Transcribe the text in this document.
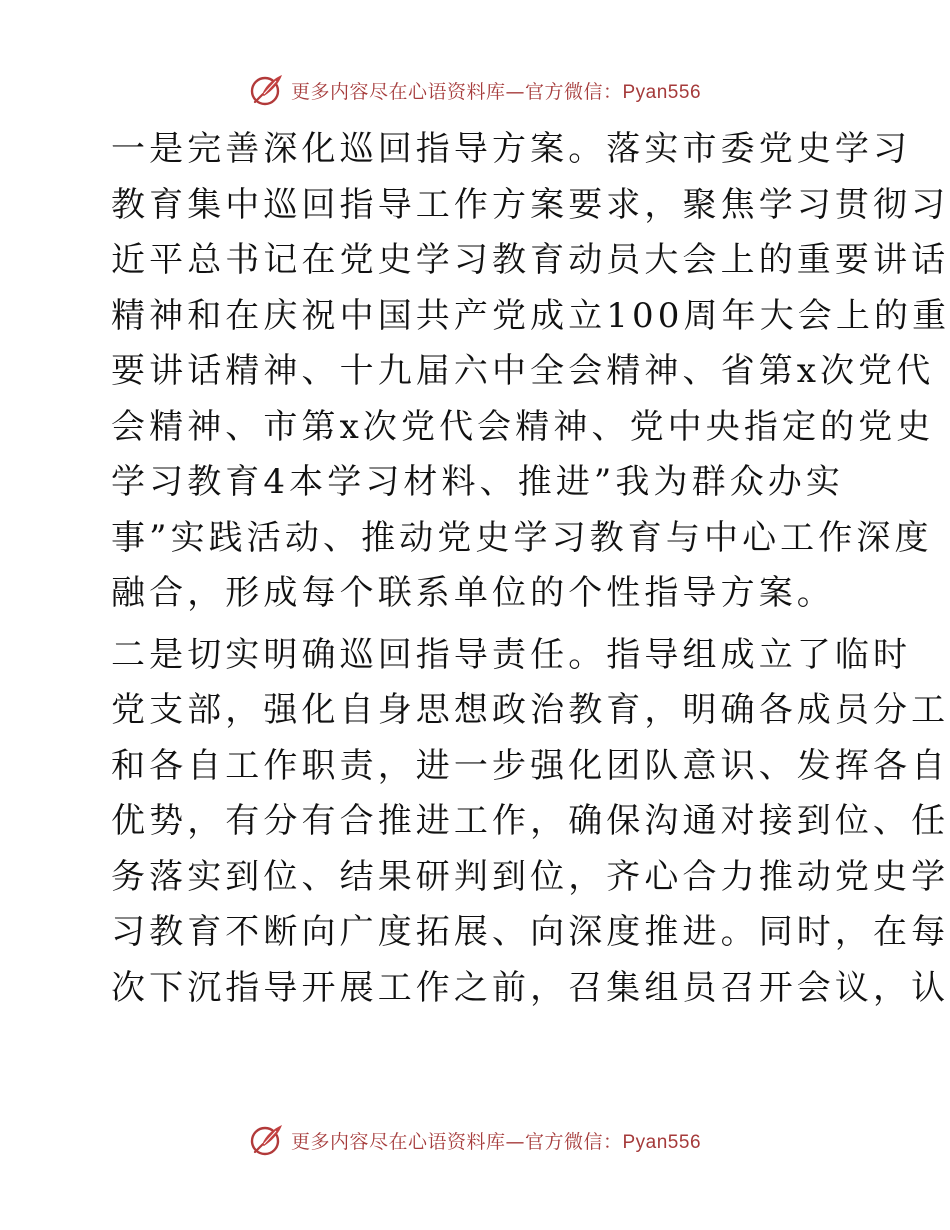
更多内容尽在心语资料库—官方微信：Pyan556

一是完善深化巡回指导方案。落实市委党史学习
教育集中巡回指导工作方案要求，聚焦学习贯彻习
近平总书记在党史学习教育动员大会上的重要讲话
精神和在庆祝中国共产党成立100周年大会上的重
要讲话精神、十九届六中全会精神、省第x次党代
会精神、市第x次党代会精神、党中央指定的党史
学习教育4本学习材料、推进”我为群众办实
事”实践活动、推动党史学习教育与中心工作深度
融合，形成每个联系单位的个性指导方案。

二是切实明确巡回指导责任。指导组成立了临时
党支部，强化自身思想政治教育，明确各成员分工
和各自工作职责，进一步强化团队意识、发挥各自
优势，有分有合推进工作，确保沟通对接到位、任
务落实到位、结果研判到位，齐心合力推动党史学
习教育不断向广度拓展、向深度推进。同时，在每
次下沉指导开展工作之前，召集组员召开会议，认

更多内容尽在心语资料库—官方微信：Pyan556
